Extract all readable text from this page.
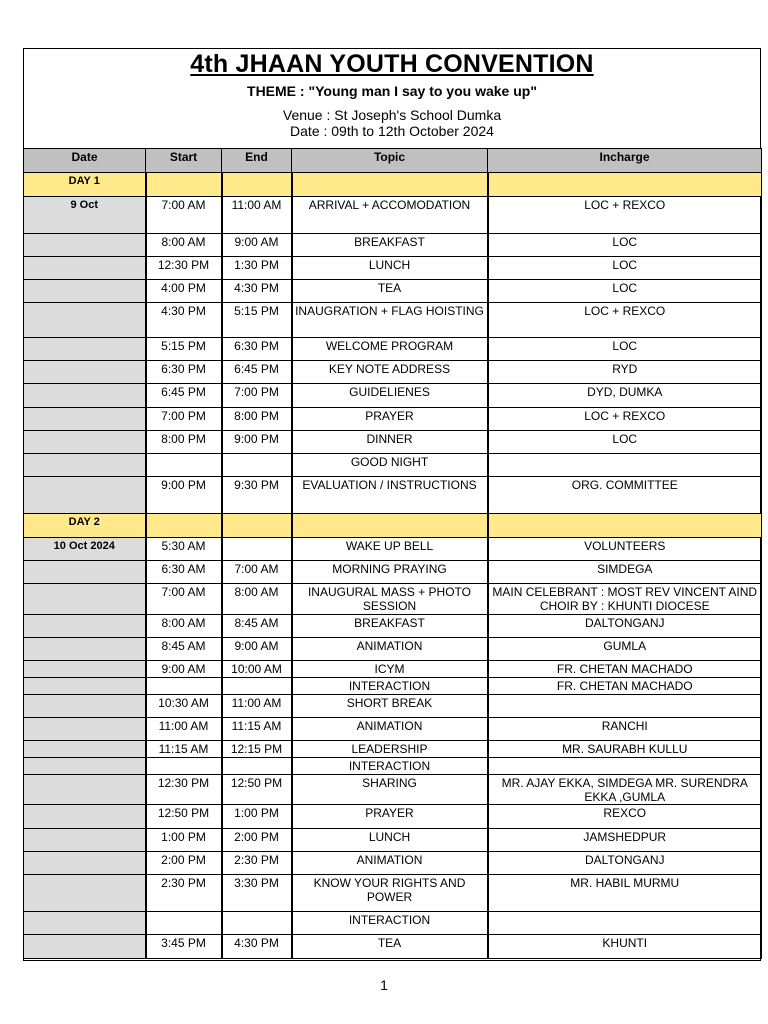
4th JHAAN YOUTH CONVENTION
THEME : "Young man I say to you wake up"
Venue : St Joseph's School Dumka
Date : 09th to 12th October 2024
Date	Start	End	Topic	Incharge
DAY 1				
9 Oct	7:00 AM	11:00 AM	ARRIVAL + ACCOMODATION	LOC + REXCO
	8:00 AM	9:00 AM	BREAKFAST	LOC
	12:30 PM	1:30 PM	LUNCH	LOC
	4:00 PM	4:30 PM	TEA	LOC
	4:30 PM	5:15 PM	INAUGRATION + FLAG HOISTING	LOC + REXCO
	5:15 PM	6:30 PM	WELCOME PROGRAM	LOC
	6:30 PM	6:45 PM	KEY NOTE ADDRESS	RYD
	6:45 PM	7:00 PM	GUIDELIENES	DYD, DUMKA
	7:00 PM	8:00 PM	PRAYER	LOC + REXCO
	8:00 PM	9:00 PM	DINNER	LOC
			GOOD NIGHT	
	9:00 PM	9:30 PM	EVALUATION / INSTRUCTIONS	ORG. COMMITTEE
DAY 2				
10 Oct 2024	5:30 AM		WAKE UP BELL	VOLUNTEERS
	6:30 AM	7:00 AM	MORNING PRAYING	SIMDEGA
	7:00 AM	8:00 AM	INAUGURAL MASS + PHOTO SESSION	MAIN CELEBRANT : MOST REV VINCENT AIND CHOIR BY : KHUNTI DIOCESE
	8:00 AM	8:45 AM	BREAKFAST	DALTONGANJ
	8:45 AM	9:00 AM	ANIMATION	GUMLA
	9:00 AM	10:00 AM	ICYM	FR. CHETAN MACHADO
			INTERACTION	FR. CHETAN MACHADO
	10:30 AM	11:00 AM	SHORT BREAK	
	11:00 AM	11:15 AM	ANIMATION	RANCHI
	11:15 AM	12:15 PM	LEADERSHIP	MR. SAURABH KULLU
			INTERACTION	
	12:30 PM	12:50 PM	SHARING	MR. AJAY EKKA, SIMDEGA MR. SURENDRA EKKA ,GUMLA
	12:50 PM	1:00 PM	PRAYER	REXCO
	1:00 PM	2:00 PM	LUNCH	JAMSHEDPUR
	2:00 PM	2:30 PM	ANIMATION	DALTONGANJ
	2:30 PM	3:30 PM	KNOW YOUR RIGHTS AND POWER	MR. HABIL MURMU
			INTERACTION	
	3:45 PM	4:30 PM	TEA	KHUNTI
1
